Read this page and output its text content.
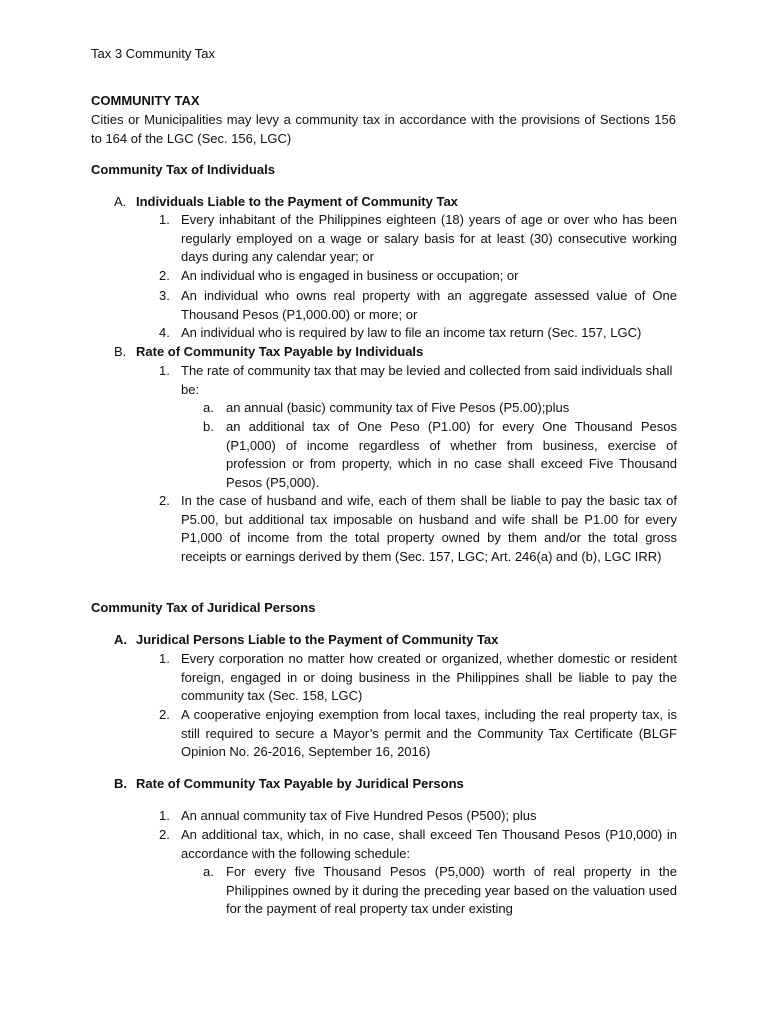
Tax 3 Community Tax
COMMUNITY TAX
Cities or Municipalities may levy a community tax in accordance with the provisions of Sections 156 to 164 of the LGC (Sec. 156, LGC)
Community Tax of Individuals
A. Individuals Liable to the Payment of Community Tax
1. Every inhabitant of the Philippines eighteen (18) years of age or over who has been regularly employed on a wage or salary basis for at least (30) consecutive working days during any calendar year; or
2. An individual who is engaged in business or occupation; or
3. An individual who owns real property with an aggregate assessed value of One Thousand Pesos (P1,000.00) or more; or
4. An individual who is required by law to file an income tax return (Sec. 157, LGC)
B. Rate of Community Tax Payable by Individuals
1. The rate of community tax that may be levied and collected from said individuals shall be:
a. an annual (basic) community tax of Five Pesos (P5.00);plus
b. an additional tax of One Peso (P1.00) for every One Thousand Pesos (P1,000) of income regardless of whether from business, exercise of profession or from property, which in no case shall exceed Five Thousand Pesos (P5,000).
2. In the case of husband and wife, each of them shall be liable to pay the basic tax of P5.00, but additional tax imposable on husband and wife shall be P1.00 for every P1,000 of income from the total property owned by them and/or the total gross receipts or earnings derived by them (Sec. 157, LGC; Art. 246(a) and (b), LGC IRR)
Community Tax of Juridical Persons
A. Juridical Persons Liable to the Payment of Community Tax
1. Every corporation no matter how created or organized, whether domestic or resident foreign, engaged in or doing business in the Philippines shall be liable to pay the community tax (Sec. 158, LGC)
2. A cooperative enjoying exemption from local taxes, including the real property tax, is still required to secure a Mayor’s permit and the Community Tax Certificate (BLGF Opinion No. 26-2016, September 16, 2016)
B. Rate of Community Tax Payable by Juridical Persons
1. An annual community tax of Five Hundred Pesos (P500); plus
2. An additional tax, which, in no case, shall exceed Ten Thousand Pesos (P10,000) in accordance with the following schedule:
a. For every five Thousand Pesos (P5,000) worth of real property in the Philippines owned by it during the preceding year based on the valuation used for the payment of real property tax under existing
